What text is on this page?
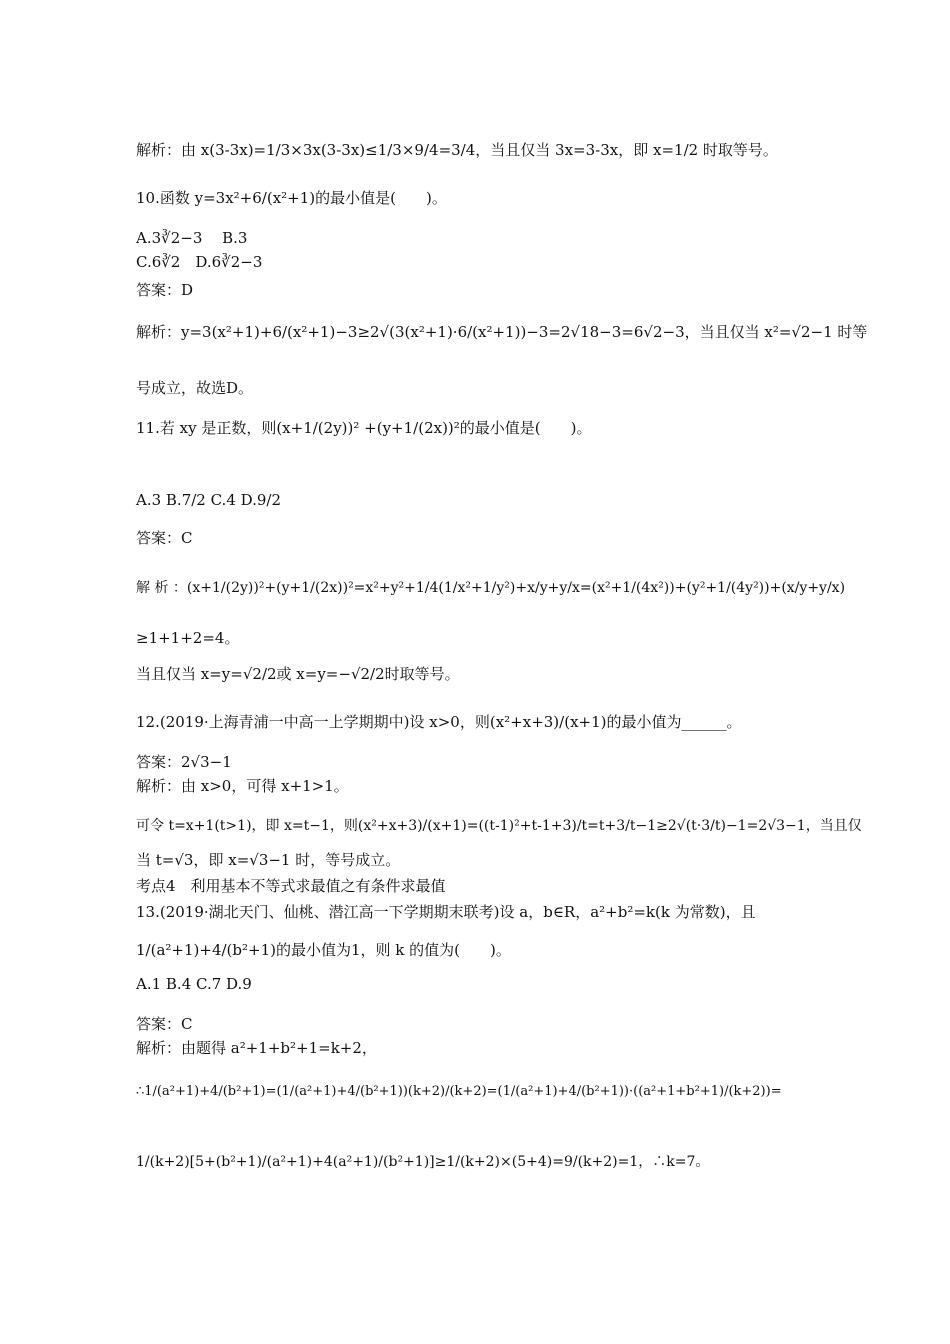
解析：由 x(3-3x)=1/3×3x(3-3x)≤1/3×9/4=3/4，当且仅当 3x=3-3x，即 x=1/2 时取等号。
10.函数 y=3x²+6/(x²+1)的最小值是(　　)。
A.3∛2−3　 B.3
C.6∛2　D.6∛2−3
答案：D
解析：y=3(x²+1)+6/(x²+1)−3≥2√(3(x²+1)·6/(x²+1))−3=2√18−3=6√2−3，当且仅当 x²=√2−1 时等
号成立，故选D。
11.若 xy 是正数，则(x+1/(2y))² +(y+1/(2x))²的最小值是(　　)。
A.3 B.7/2 C.4 D.9/2
答案：C
解 析 ：(x+1/(2y))²+(y+1/(2x))²=x²+y²+1/4(1/x²+1/y²)+x/y+y/x=(x²+1/(4x²))+(y²+1/(4y²))+(x/y+y/x)
≥1+1+2=4。
当且仅当 x=y=√2/2或 x=y=−√2/2时取等号。
12.(2019·上海青浦一中高一上学期期中)设 x>0，则(x²+x+3)/(x+1)的最小值为______。
答案：2√3−1
解析：由 x>0，可得 x+1>1。
可令 t=x+1(t>1)，即 x=t−1，则(x²+x+3)/(x+1)=((t-1)²+t-1+3)/t=t+3/t−1≥2√(t·3/t)−1=2√3−1，当且仅
当 t=√3，即 x=√3−1 时，等号成立。
考点4　利用基本不等式求最值之有条件求最值
13.(2019·湖北天门、仙桃、潜江高一下学期期末联考)设 a，b∈R，a²+b²=k(k 为常数)，且
1/(a²+1)+4/(b²+1)的最小值为1，则 k 的值为(　　)。
A.1 B.4 C.7 D.9
答案：C
解析：由题得 a²+1+b²+1=k+2，
∴1/(a²+1)+4/(b²+1)=(1/(a²+1)+4/(b²+1))(k+2)/(k+2)=(1/(a²+1)+4/(b²+1))·((a²+1+b²+1)/(k+2))=
1/(k+2)[5+(b²+1)/(a²+1)+4(a²+1)/(b²+1)]≥1/(k+2)×(5+4)=9/(k+2)=1，∴k=7。
